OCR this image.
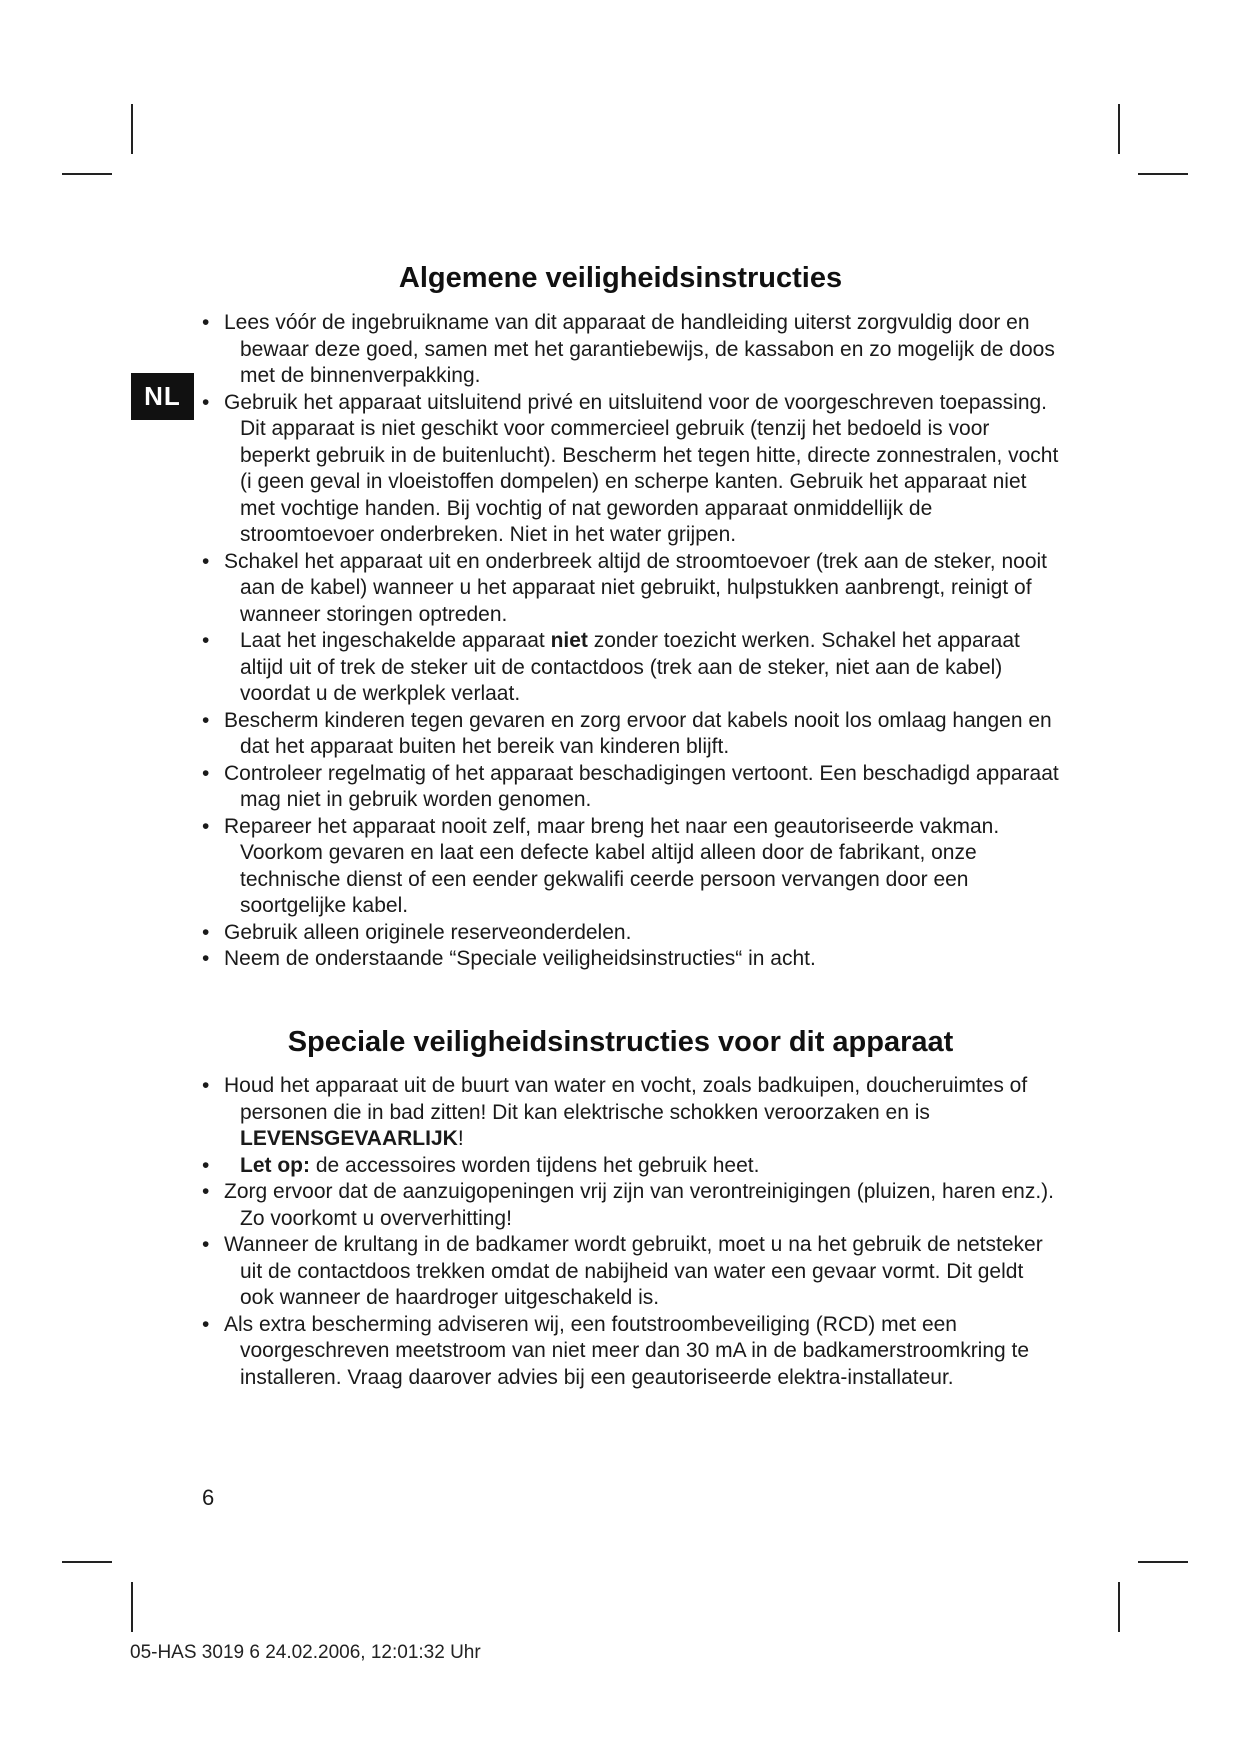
NL
Algemene veiligheidsinstructies
• Lees vóór de ingebruikname van dit apparaat de handleiding uiterst zorgvuldig door en bewaar deze goed, samen met het garantiebewijs, de kassabon en zo mogelijk de doos met de binnenverpakking.
• Gebruik het apparaat uitsluitend privé en uitsluitend voor de voorgeschreven toepassing. Dit apparaat is niet geschikt voor commercieel gebruik (tenzij het bedoeld is voor beperkt gebruik in de buitenlucht). Bescherm het tegen hitte, directe zonnestralen, vocht (i geen geval in vloeistoffen dompelen) en scherpe kanten. Gebruik het apparaat niet met vochtige handen. Bij vochtig of nat geworden apparaat onmiddellijk de stroomtoevoer onderbreken. Niet in het water grijpen.
• Schakel het apparaat uit en onderbreek altijd de stroomtoevoer (trek aan de steker, nooit aan de kabel) wanneer u het apparaat niet gebruikt, hulpstukken aanbrengt, reinigt of wanneer storingen optreden.
• Laat het ingeschakelde apparaat niet zonder toezicht werken. Schakel het apparaat altijd uit of trek de steker uit de contactdoos (trek aan de steker, niet aan de kabel) voordat u de werkplek verlaat.
• Bescherm kinderen tegen gevaren en zorg ervoor dat kabels nooit los omlaag hangen en dat het apparaat buiten het bereik van kinderen blijft.
• Controleer regelmatig of het apparaat beschadigingen vertoont. Een beschadigd apparaat mag niet in gebruik worden genomen.
• Repareer het apparaat nooit zelf, maar breng het naar een geautoriseerde vakman. Voorkom gevaren en laat een defecte kabel altijd alleen door de fabrikant, onze technische dienst of een eender gekwalifi ceerde persoon vervangen door een soortgelijke kabel.
• Gebruik alleen originele reserveonderdelen.
• Neem de onderstaande “Speciale veiligheidsinstructies“ in acht.
Speciale veiligheidsinstructies voor dit apparaat
• Houd het apparaat uit de buurt van water en vocht, zoals badkuipen, doucheruimtes of personen die in bad zitten! Dit kan elektrische schokken veroorzaken en is LEVENSGEVAARLIJK!
• Let op: de accessoires worden tijdens het gebruik heet.
• Zorg ervoor dat de aanzuigopeningen vrij zijn van verontreinigingen (pluizen, haren enz.). Zo voorkomt u oververhitting!
• Wanneer de krultang in de badkamer wordt gebruikt, moet u na het gebruik de netsteker uit de contactdoos trekken omdat de nabijheid van water een gevaar vormt. Dit geldt ook wanneer de haardroger uitgeschakeld is.
• Als extra bescherming adviseren wij, een foutstroombeveiliging (RCD) met een voorgeschreven meetstroom van niet meer dan 30 mA in de badkamerstroomkring te installeren. Vraag daarover advies bij een geautoriseerde elektra-installateur.
6
05-HAS 3019 6 24.02.2006, 12:01:32 Uhr
